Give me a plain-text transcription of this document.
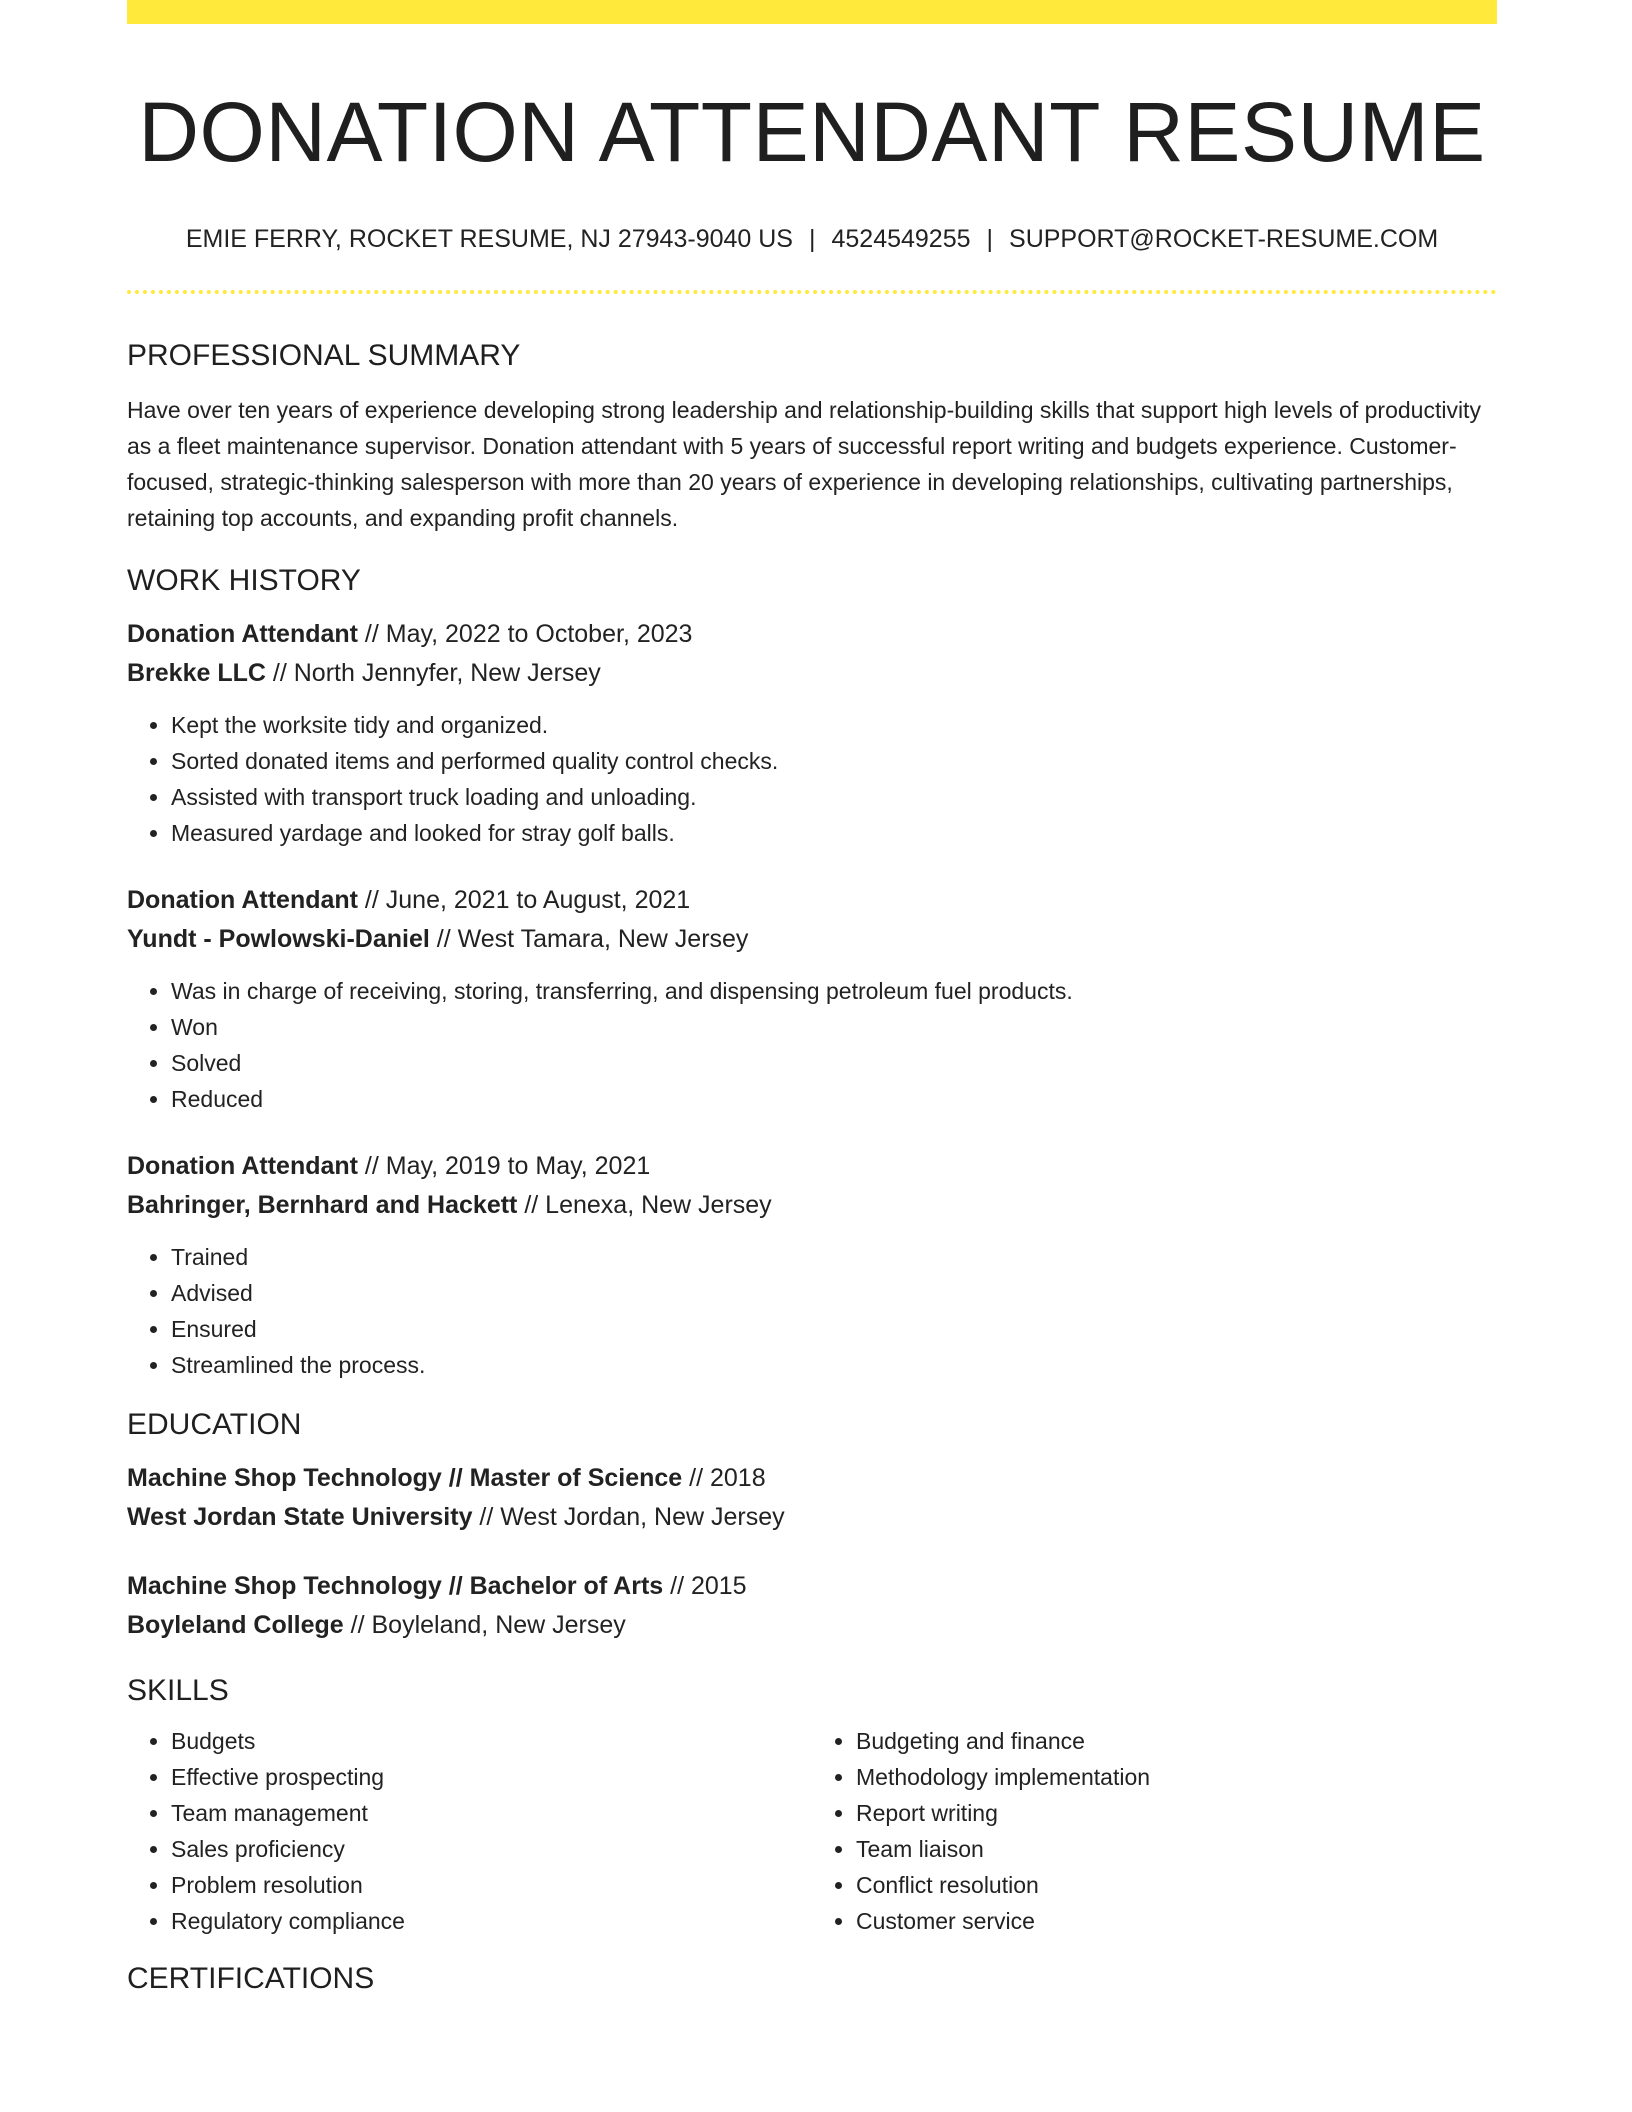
DONATION ATTENDANT RESUME
EMIE FERRY, ROCKET RESUME, NJ 27943-9040 US | 4524549255 | SUPPORT@ROCKET-RESUME.COM
PROFESSIONAL SUMMARY

Have over ten years of experience developing strong leadership and relationship-building skills that support high levels of productivity as a fleet maintenance supervisor. Donation attendant with 5 years of successful report writing and budgets experience. Customer-focused, strategic-thinking salesperson with more than 20 years of experience in developing relationships, cultivating partnerships, retaining top accounts, and expanding profit channels.

WORK HISTORY
Donation Attendant // May, 2022 to October, 2023
Brekke LLC // North Jennyfer, New Jersey
• Kept the worksite tidy and organized.
• Sorted donated items and performed quality control checks.
• Assisted with transport truck loading and unloading.
• Measured yardage and looked for stray golf balls.
Donation Attendant // June, 2021 to August, 2021
Yundt - Powlowski-Daniel // West Tamara, New Jersey
• Was in charge of receiving, storing, transferring, and dispensing petroleum fuel products.
• Won
• Solved
• Reduced
Donation Attendant // May, 2019 to May, 2021
Bahringer, Bernhard and Hackett // Lenexa, New Jersey
• Trained
• Advised
• Ensured
• Streamlined the process.
EDUCATION
Machine Shop Technology // Master of Science // 2018
West Jordan State University // West Jordan, New Jersey
Machine Shop Technology // Bachelor of Arts // 2015
Boyleland College // Boyleland, New Jersey
SKILLS
• Budgets
• Effective prospecting
• Team management
• Sales proficiency
• Problem resolution
• Regulatory compliance
• Budgeting and finance
• Methodology implementation
• Report writing
• Team liaison
• Conflict resolution
• Customer service
CERTIFICATIONS
